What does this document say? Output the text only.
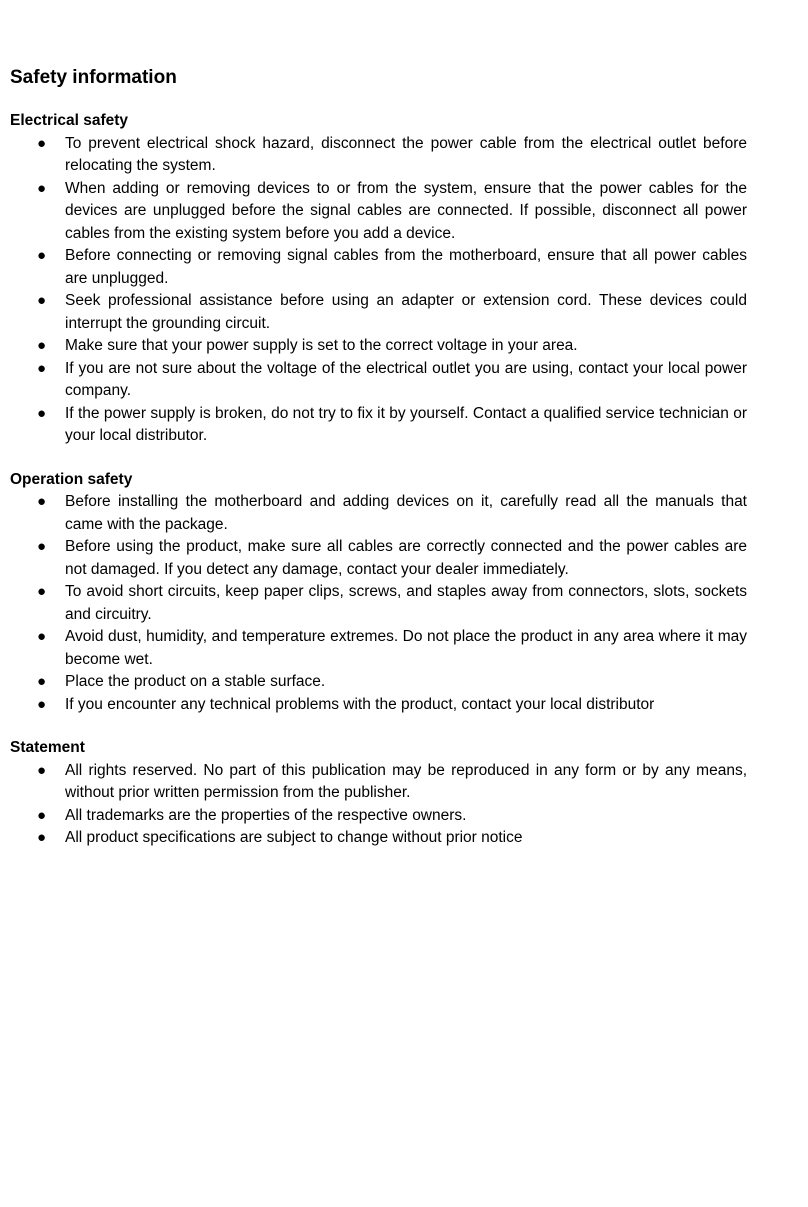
Safety information
Electrical safety
● To prevent electrical shock hazard, disconnect the power cable from the electrical outlet before relocating the system.
● When adding or removing devices to or from the system, ensure that the power cables for the devices are unplugged before the signal cables are connected. If possible, disconnect all power cables from the existing system before you add a device.
● Before connecting or removing signal cables from the motherboard, ensure that all power cables are unplugged.
● Seek professional assistance before using an adapter or extension cord. These devices could interrupt the grounding circuit.
● Make sure that your power supply is set to the correct voltage in your area.
● If you are not sure about the voltage of the electrical outlet you are using, contact your local power company.
● If the power supply is broken, do not try to fix it by yourself. Contact a qualified service technician or your local distributor.
Operation safety
● Before installing the motherboard and adding devices on it, carefully read all the manuals that came with the package.
● Before using the product, make sure all cables are correctly connected and the power cables are not damaged. If you detect any damage, contact your dealer immediately.
● To avoid short circuits, keep paper clips, screws, and staples away from connectors, slots, sockets and circuitry.
● Avoid dust, humidity, and temperature extremes. Do not place the product in any area where it may become wet.
● Place the product on a stable surface.
● If you encounter any technical problems with the product, contact your local distributor
Statement
● All rights reserved. No part of this publication may be reproduced in any form or by any means, without prior written permission from the publisher.
● All trademarks are the properties of the respective owners.
● All product specifications are subject to change without prior notice
